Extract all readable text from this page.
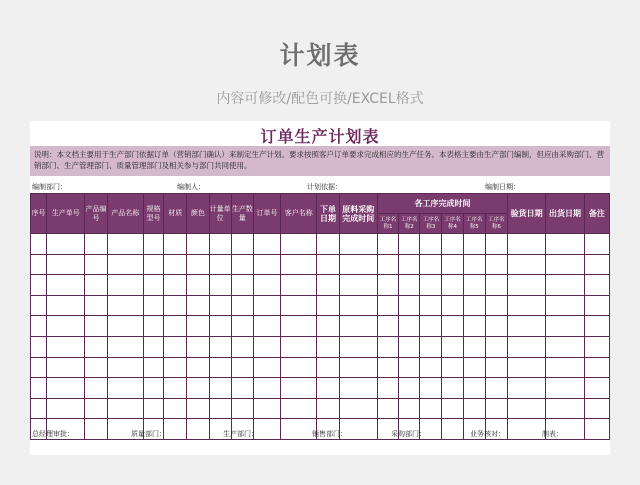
计划表
内容可修改/配色可换/EXCEL格式
订单生产计划表
说明：本文档主要用于生产部门依据订单（营销部门确认）来制定生产计划。要求按照客户订单要求完成相应的生产任务。本表格主要由生产部门编制，但应由采购部门、营销部门、生产管理部门、质量管理部门及相关参与部门共同使用。
编制部门：	编制人：	计划依据：	编制日期：
序号	生产单号	产品编号	产品名称	规格型号	材质	颜色	计量单位	生产数量	订单号	客户名称	下单日期	原料采购完成时间	各工序完成时间						验货日期	出货日期	备注
													工序名称1	工序名称2	工序名称3	工序名称4	工序名称5	工序名称6			

总经理审批：	质量部门：	生产部门：	销售部门：	采购部门：	业务核对：	制表：
